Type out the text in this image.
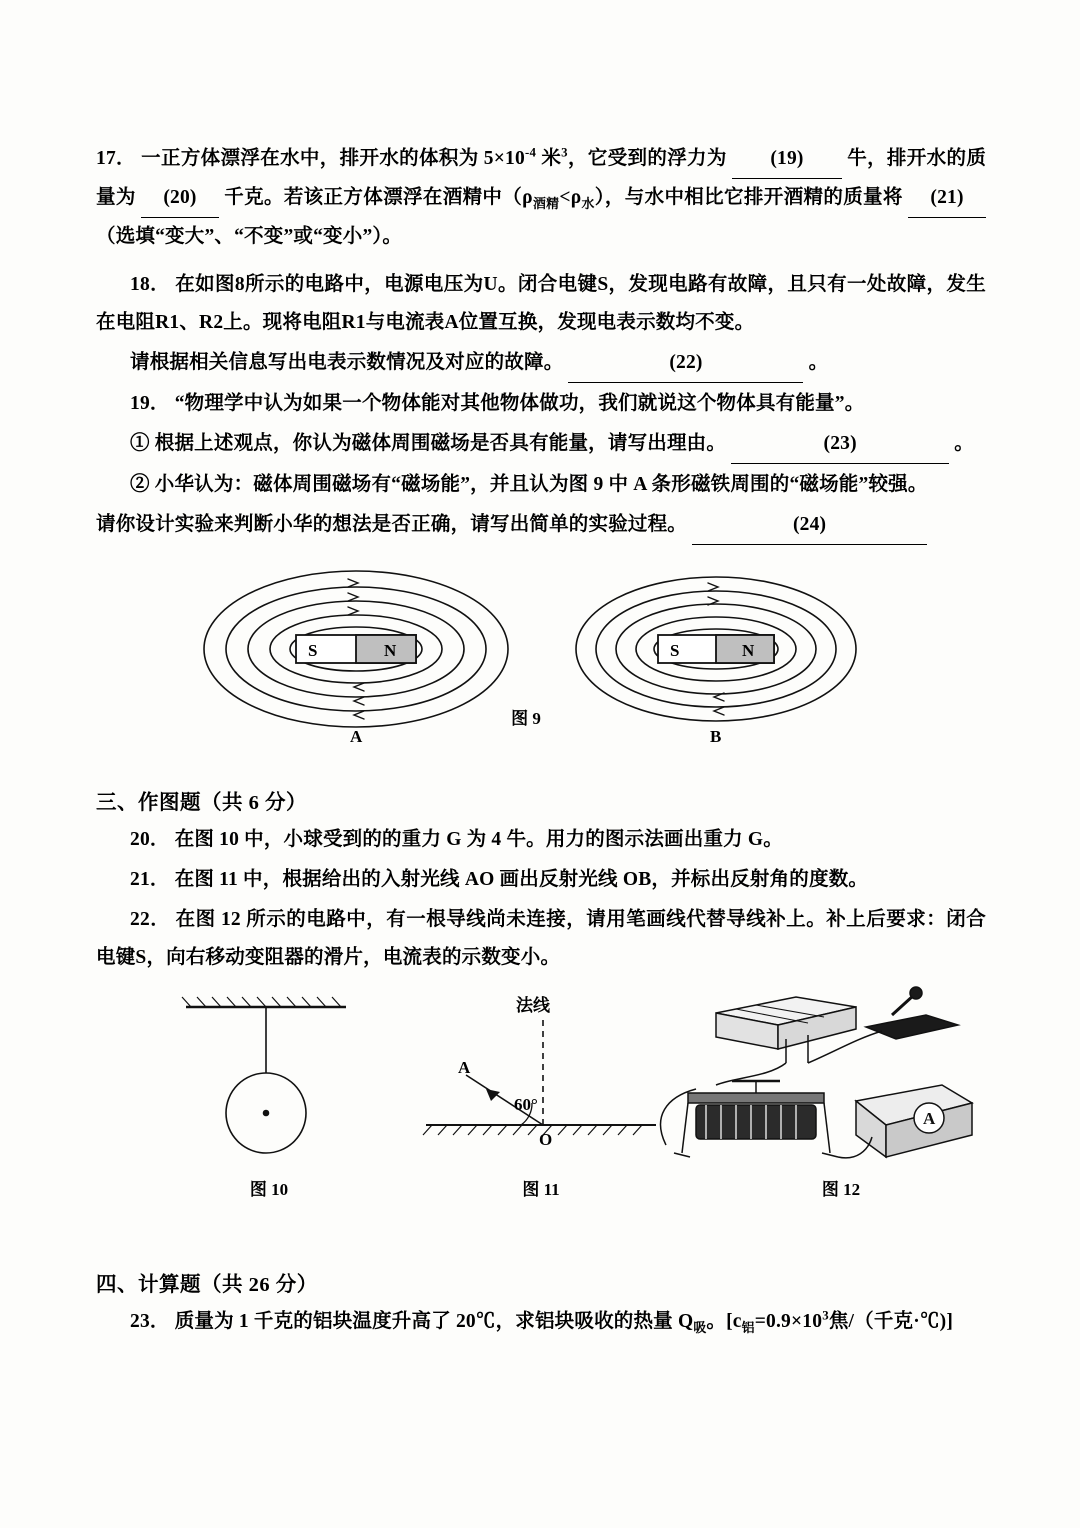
17． 一正方体漂浮在水中，排开水的体积为 $5\times 10^{-4}$ 米$^3$，它受到的浮力为 (19) 牛，排开水的质量为 (20) 千克。若该正方体漂浮在酒精中$(\rho_{酒精}<\rho_水)$，与水中相比它排开酒精的质量将 (21) （选填“变大”、“不变”或“变小”）。

18． 在如图8所示的电路中，电源电压为U。闭合电键S，发现电路有故障，且只有一处故障，发生在电阻R1、R2上。现将电阻R1与电流表A位置互换，发现电表示数均不变。

请根据相关信息写出电表示数情况及对应的故障。	(22)	。

19． “物理学中认为如果一个物体能对其他物体做功，我们就说这个物体具有能量”。

① 根据上述观点，你认为磁体周围磁场是否具有能量，请写出理由。	(23)	。

② 小华认为：磁体周围磁场有“磁场能”，并且认为图 9 中 A 条形磁铁周围的“磁场能”较强。

请你设计实验来判断小华的想法是否正确，请写出简单的实验过程。	(24)

S	N
A
S	N
B
图 9
三、作图题（共 6 分）

20． 在图 10 中，小球受到的的重力 G 为 4 牛。用力的图示法画出重力 G。

21． 在图 11 中，根据给出的入射光线 AO 画出反射光线 OB，并标出反射角的度数。

22． 在图 12 所示的电路中，有一根导线尚未连接，请用笔画线代替导线补上。补上后要求：闭合电键S，向右移动变阻器的滑片，电流表的示数变小。

A
60°
O
法线
A
图 10	图 11	图 12
四、计算题（共 26 分）

23． 质量为 1 千克的铝块温度升高了 20℃，求铝块吸收的热量 $Q_吸$。[$c_铝=0.9\times 10^3$焦/（千克·℃)]
